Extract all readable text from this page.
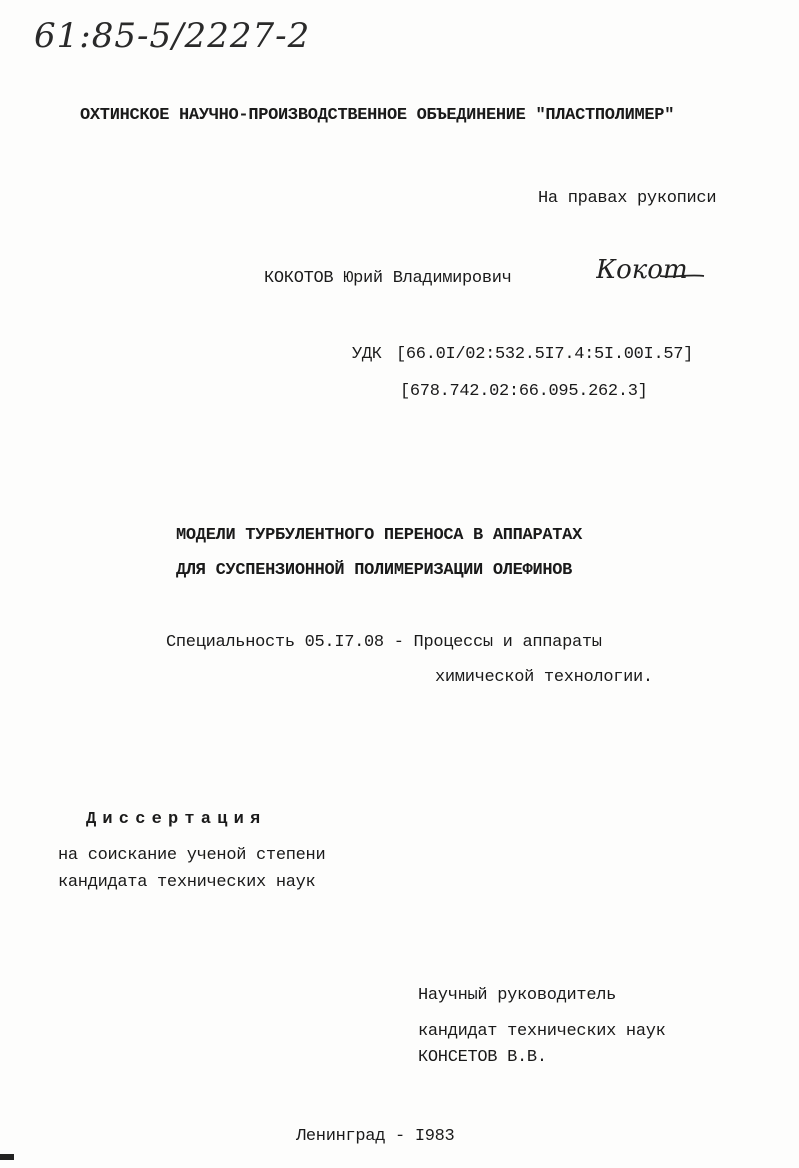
61:85-5/2227-2
ОХТИНСКОЕ НАУЧНО-ПРОИЗВОДСТВЕННОЕ ОБЪЕДИНЕНИЕ "ПЛАСТПОЛИМЕР"
На правах рукописи
КОКОТОВ Юрий Владимирович	Кокот
УДК [66.0I/02:532.5I7.4:5I.00I.57]
[678.742.02:66.095.262.3]
МОДЕЛИ ТУРБУЛЕНТНОГО ПЕРЕНОСА В АППАРАТАХ
ДЛЯ СУСПЕНЗИОННОЙ ПОЛИМЕРИЗАЦИИ ОЛЕФИНОВ
Специальность 05.I7.08 - Процессы и аппараты
химической технологии.
Диссертация
на соискание ученой степени
кандидата технических наук
Научный руководитель
кандидат технических наук
КОНСЕТОВ В.В.
Ленинград - I983
